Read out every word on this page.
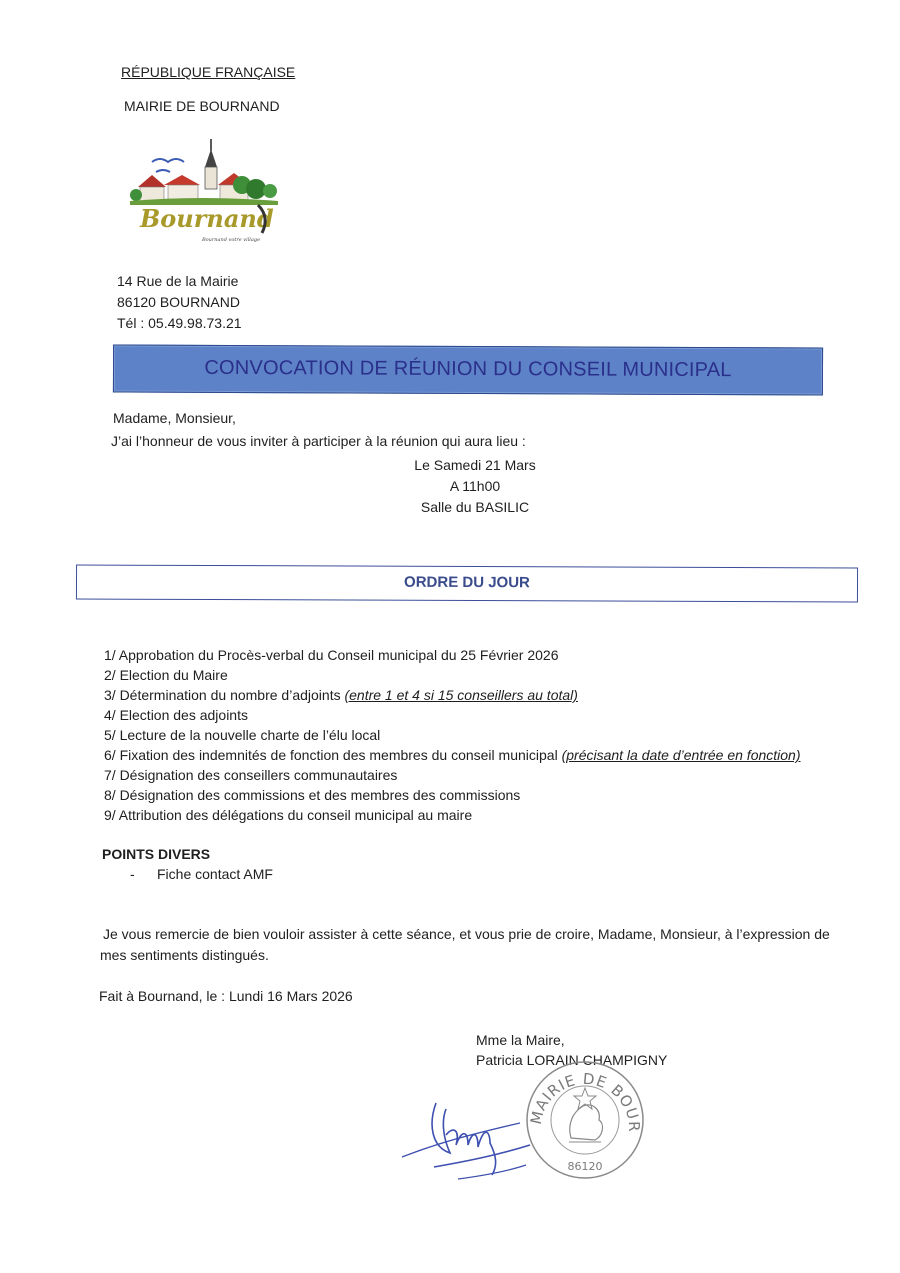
RÉPUBLIQUE FRANÇAISE
MAIRIE DE BOURNAND
Bournand
Bournand votre village
14 Rue de la Mairie
86120 BOURNAND
Tél : 05.49.98.73.21
CONVOCATION DE RÉUNION DU CONSEIL MUNICIPAL
Madame, Monsieur,
J’ai l’honneur de vous inviter à participer à la réunion qui aura lieu :
Le Samedi 21 Mars
A 11h00
Salle du BASILIC
ORDRE DU JOUR
1/ Approbation du Procès-verbal du Conseil municipal du 25 Février 2026
2/ Election du Maire
3/ Détermination du nombre d’adjoints (entre 1 et 4 si 15 conseillers au total)
4/ Election des adjoints
5/ Lecture de la nouvelle charte de l’élu local
6/ Fixation des indemnités de fonction des membres du conseil municipal (précisant la date d’entrée en fonction)
7/ Désignation des conseillers communautaires
8/ Désignation des commissions et des membres des commissions
9/ Attribution des délégations du conseil municipal au maire
POINTS DIVERS
- Fiche contact AMF
Je vous remercie de bien vouloir assister à cette séance, et vous prie de croire, Madame, Monsieur, à l’expression de
mes sentiments distingués.
Fait à Bournand, le : Lundi 16 Mars 2026
Mme la Maire,
Patricia LORAIN CHAMPIGNY
MAIRIE DE BOUR
86120
